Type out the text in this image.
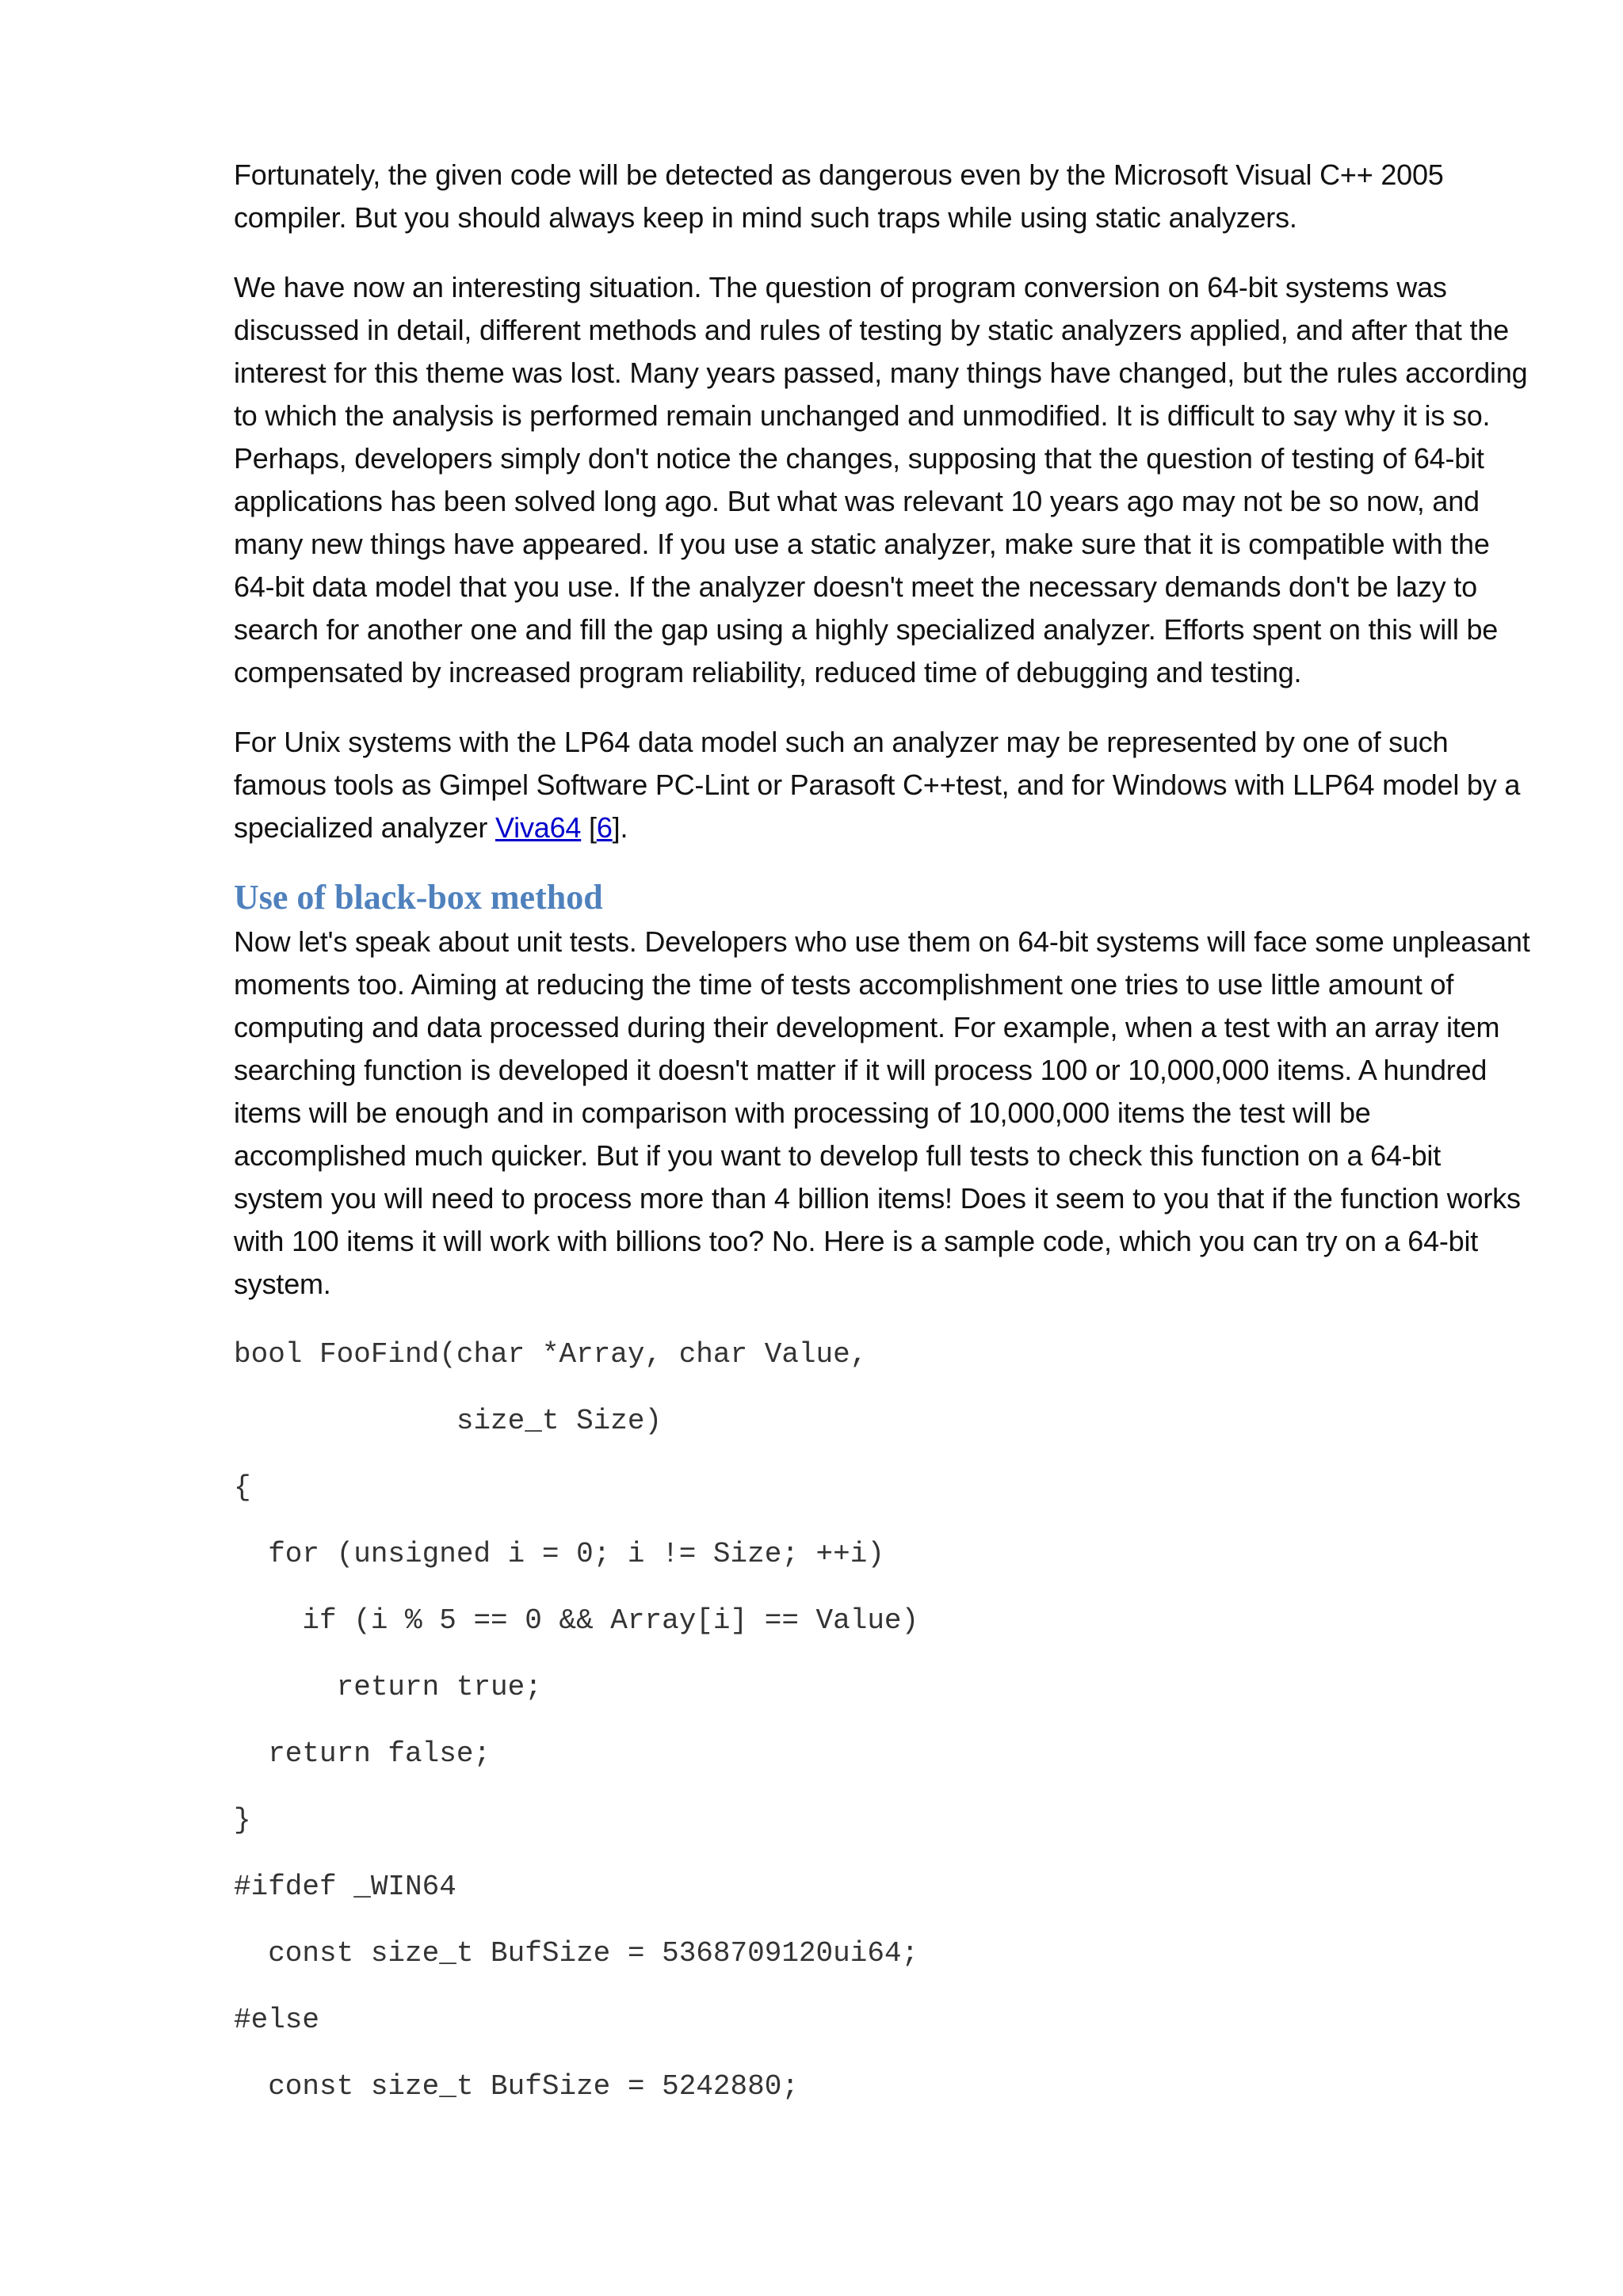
Fortunately, the given code will be detected as dangerous even by the Microsoft Visual C++ 2005 compiler. But you should always keep in mind such traps while using static analyzers.

We have now an interesting situation. The question of program conversion on 64-bit systems was discussed in detail, different methods and rules of testing by static analyzers applied, and after that the interest for this theme was lost. Many years passed, many things have changed, but the rules according to which the analysis is performed remain unchanged and unmodified. It is difficult to say why it is so. Perhaps, developers simply don't notice the changes, supposing that the question of testing of 64-bit applications has been solved long ago. But what was relevant 10 years ago may not be so now, and many new things have appeared. If you use a static analyzer, make sure that it is compatible with the 64-bit data model that you use. If the analyzer doesn't meet the necessary demands don't be lazy to search for another one and fill the gap using a highly specialized analyzer. Efforts spent on this will be compensated by increased program reliability, reduced time of debugging and testing.

For Unix systems with the LP64 data model such an analyzer may be represented by one of such famous tools as Gimpel Software PC-Lint or Parasoft C++test, and for Windows with LLP64 model by a specialized analyzer Viva64 [6].

Use of black-box method

Now let's speak about unit tests. Developers who use them on 64-bit systems will face some unpleasant moments too. Aiming at reducing the time of tests accomplishment one tries to use little amount of computing and data processed during their development. For example, when a test with an array item searching function is developed it doesn't matter if it will process 100 or 10,000,000 items. A hundred items will be enough and in comparison with processing of 10,000,000 items the test will be accomplished much quicker. But if you want to develop full tests to check this function on a 64-bit system you will need to process more than 4 billion items! Does it seem to you that if the function works with 100 items it will work with billions too? No. Here is a sample code, which you can try on a 64-bit system.

bool FooFind(char *Array, char Value,
size_t Size)
{
for (unsigned i = 0; i != Size; ++i)
if (i % 5 == 0 && Array[i] == Value)
return true;
return false;
}
#ifdef _WIN64
const size_t BufSize = 5368709120ui64;
#else
const size_t BufSize = 5242880;
